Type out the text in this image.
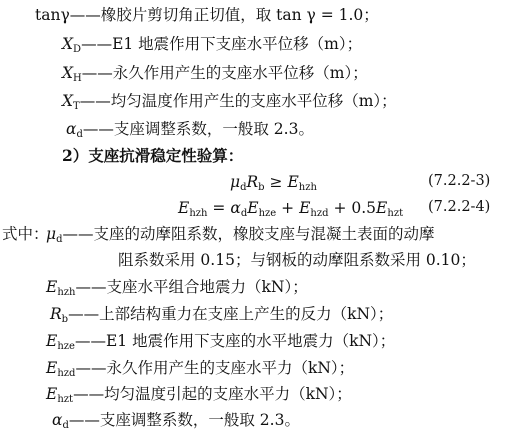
tanγ——橡胶片剪切角正切值，取 tan γ = 1.0；
$X_D——E1$ 地震作用下支座水平位移（m）；
$X_H——$永久作用产生的支座水平位移（m）；
$X_T——$均匀温度作用产生的支座水平位移（m）；
$\alpha_d——$支座调整系数，一般取 2.3。
2）支座抗滑稳定性验算：
$\mu_dR_b \ge E_{hzh}$	(7.2.2-3)
$E_{hzh} = \alpha_dE_{hze} + E_{hzd} + 0.5E_{hzt}$ (7.2.2-4)
式中：
$\mu_d——$支座的动摩阻系数，橡胶支座与混凝土表面的动摩
阻系数采用 0.15；与钢板的动摩阻系数采用 0.10；
$E_{hzh}——$支座水平组合地震力（kN）；
$R_b——$上部结构重力在支座上产生的反力（kN）；
$E_{hze}——E1$ 地震作用下支座的水平地震力（kN）；
$E_{hzd}——$永久作用产生的支座水平力（kN）；
$E_{hzt}——$均匀温度引起的支座水平力（kN）；
$\alpha_d——$支座调整系数，一般取 2.3。
